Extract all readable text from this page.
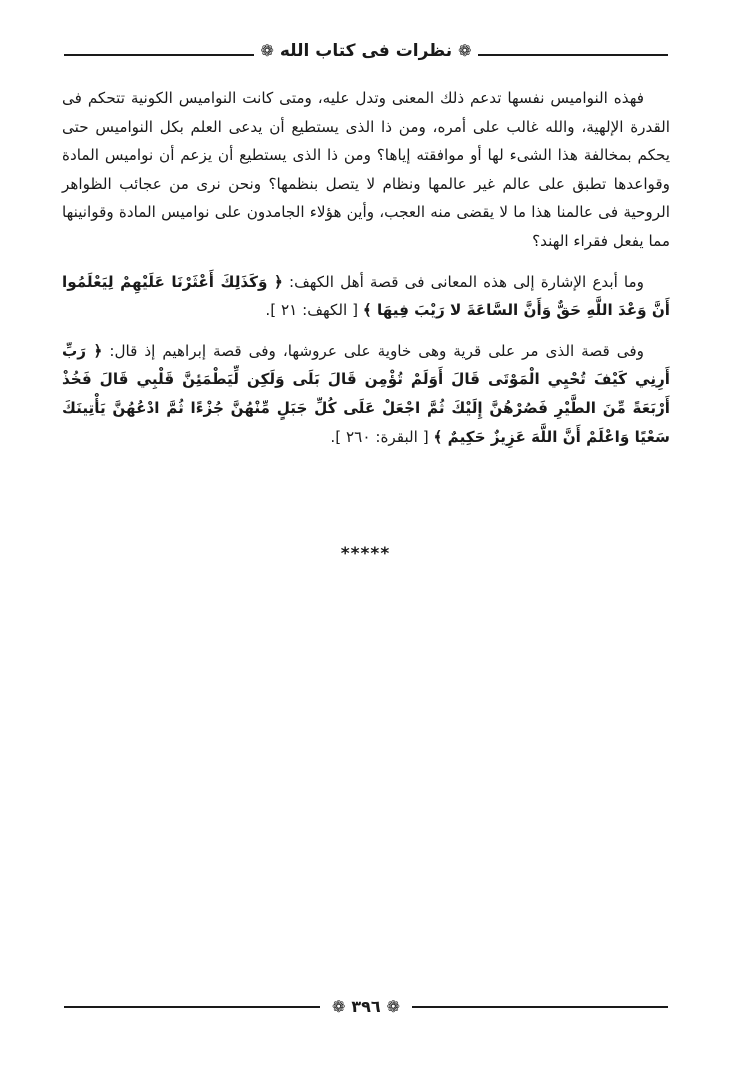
❁
نظرات فى كتاب الله
❁

فهذه النواميس نفسها تدعم ذلك المعنى وتدل عليه، ومتى كانت النواميس الكونية تتحكم فى القدرة الإلهية، والله غالب على أمره، ومن ذا الذى يستطيع أن يدعى العلم بكل النواميس حتى يحكم بمخالفة هذا الشىء لها أو موافقته إياها؟ ومن ذا الذى يستطيع أن يزعم أن نواميس المادة وقواعدها تطبق على عالم غير عالمها ونظام لا يتصل بنظمها؟ ونحن نرى من عجائب الظواهر الروحية فى عالمنا هذا ما لا يقضى منه العجب، وأين هؤلاء الجامدون على نواميس المادة وقوانينها مما يفعل فقراء الهند؟

وما أبدع الإشارة إلى هذه المعانى فى قصة أهل الكهف: ﴿ وَكَذَلِكَ أَعْثَرْنَا عَلَيْهِمْ لِيَعْلَمُوا أَنَّ وَعْدَ اللَّهِ حَقٌّ وَأَنَّ السَّاعَةَ لا رَيْبَ فِيهَا ﴾ [ الكهف: ٢١ ].

وفى قصة الذى مر على قرية وهى خاوية على عروشها، وفى قصة إبراهيم إذ قال: ﴿ رَبِّ أَرِنِي كَيْفَ تُحْيِي الْمَوْتَى قَالَ أَوَلَمْ تُؤْمِن قَالَ بَلَى وَلَكِن لِّيَطْمَئِنَّ قَلْبِي قَالَ فَخُذْ أَرْبَعَةً مِّنَ الطَّيْرِ فَصُرْهُنَّ إِلَيْكَ ثُمَّ اجْعَلْ عَلَى كُلِّ جَبَلٍ مِّنْهُنَّ جُزْءًا ثُمَّ ادْعُهُنَّ يَأْتِينَكَ سَعْيًا وَاعْلَمْ أَنَّ اللَّهَ عَزِيزٌ حَكِيمٌ ﴾ [ البقرة: ٢٦٠ ].

*****
❁
٣٩٦
❁
